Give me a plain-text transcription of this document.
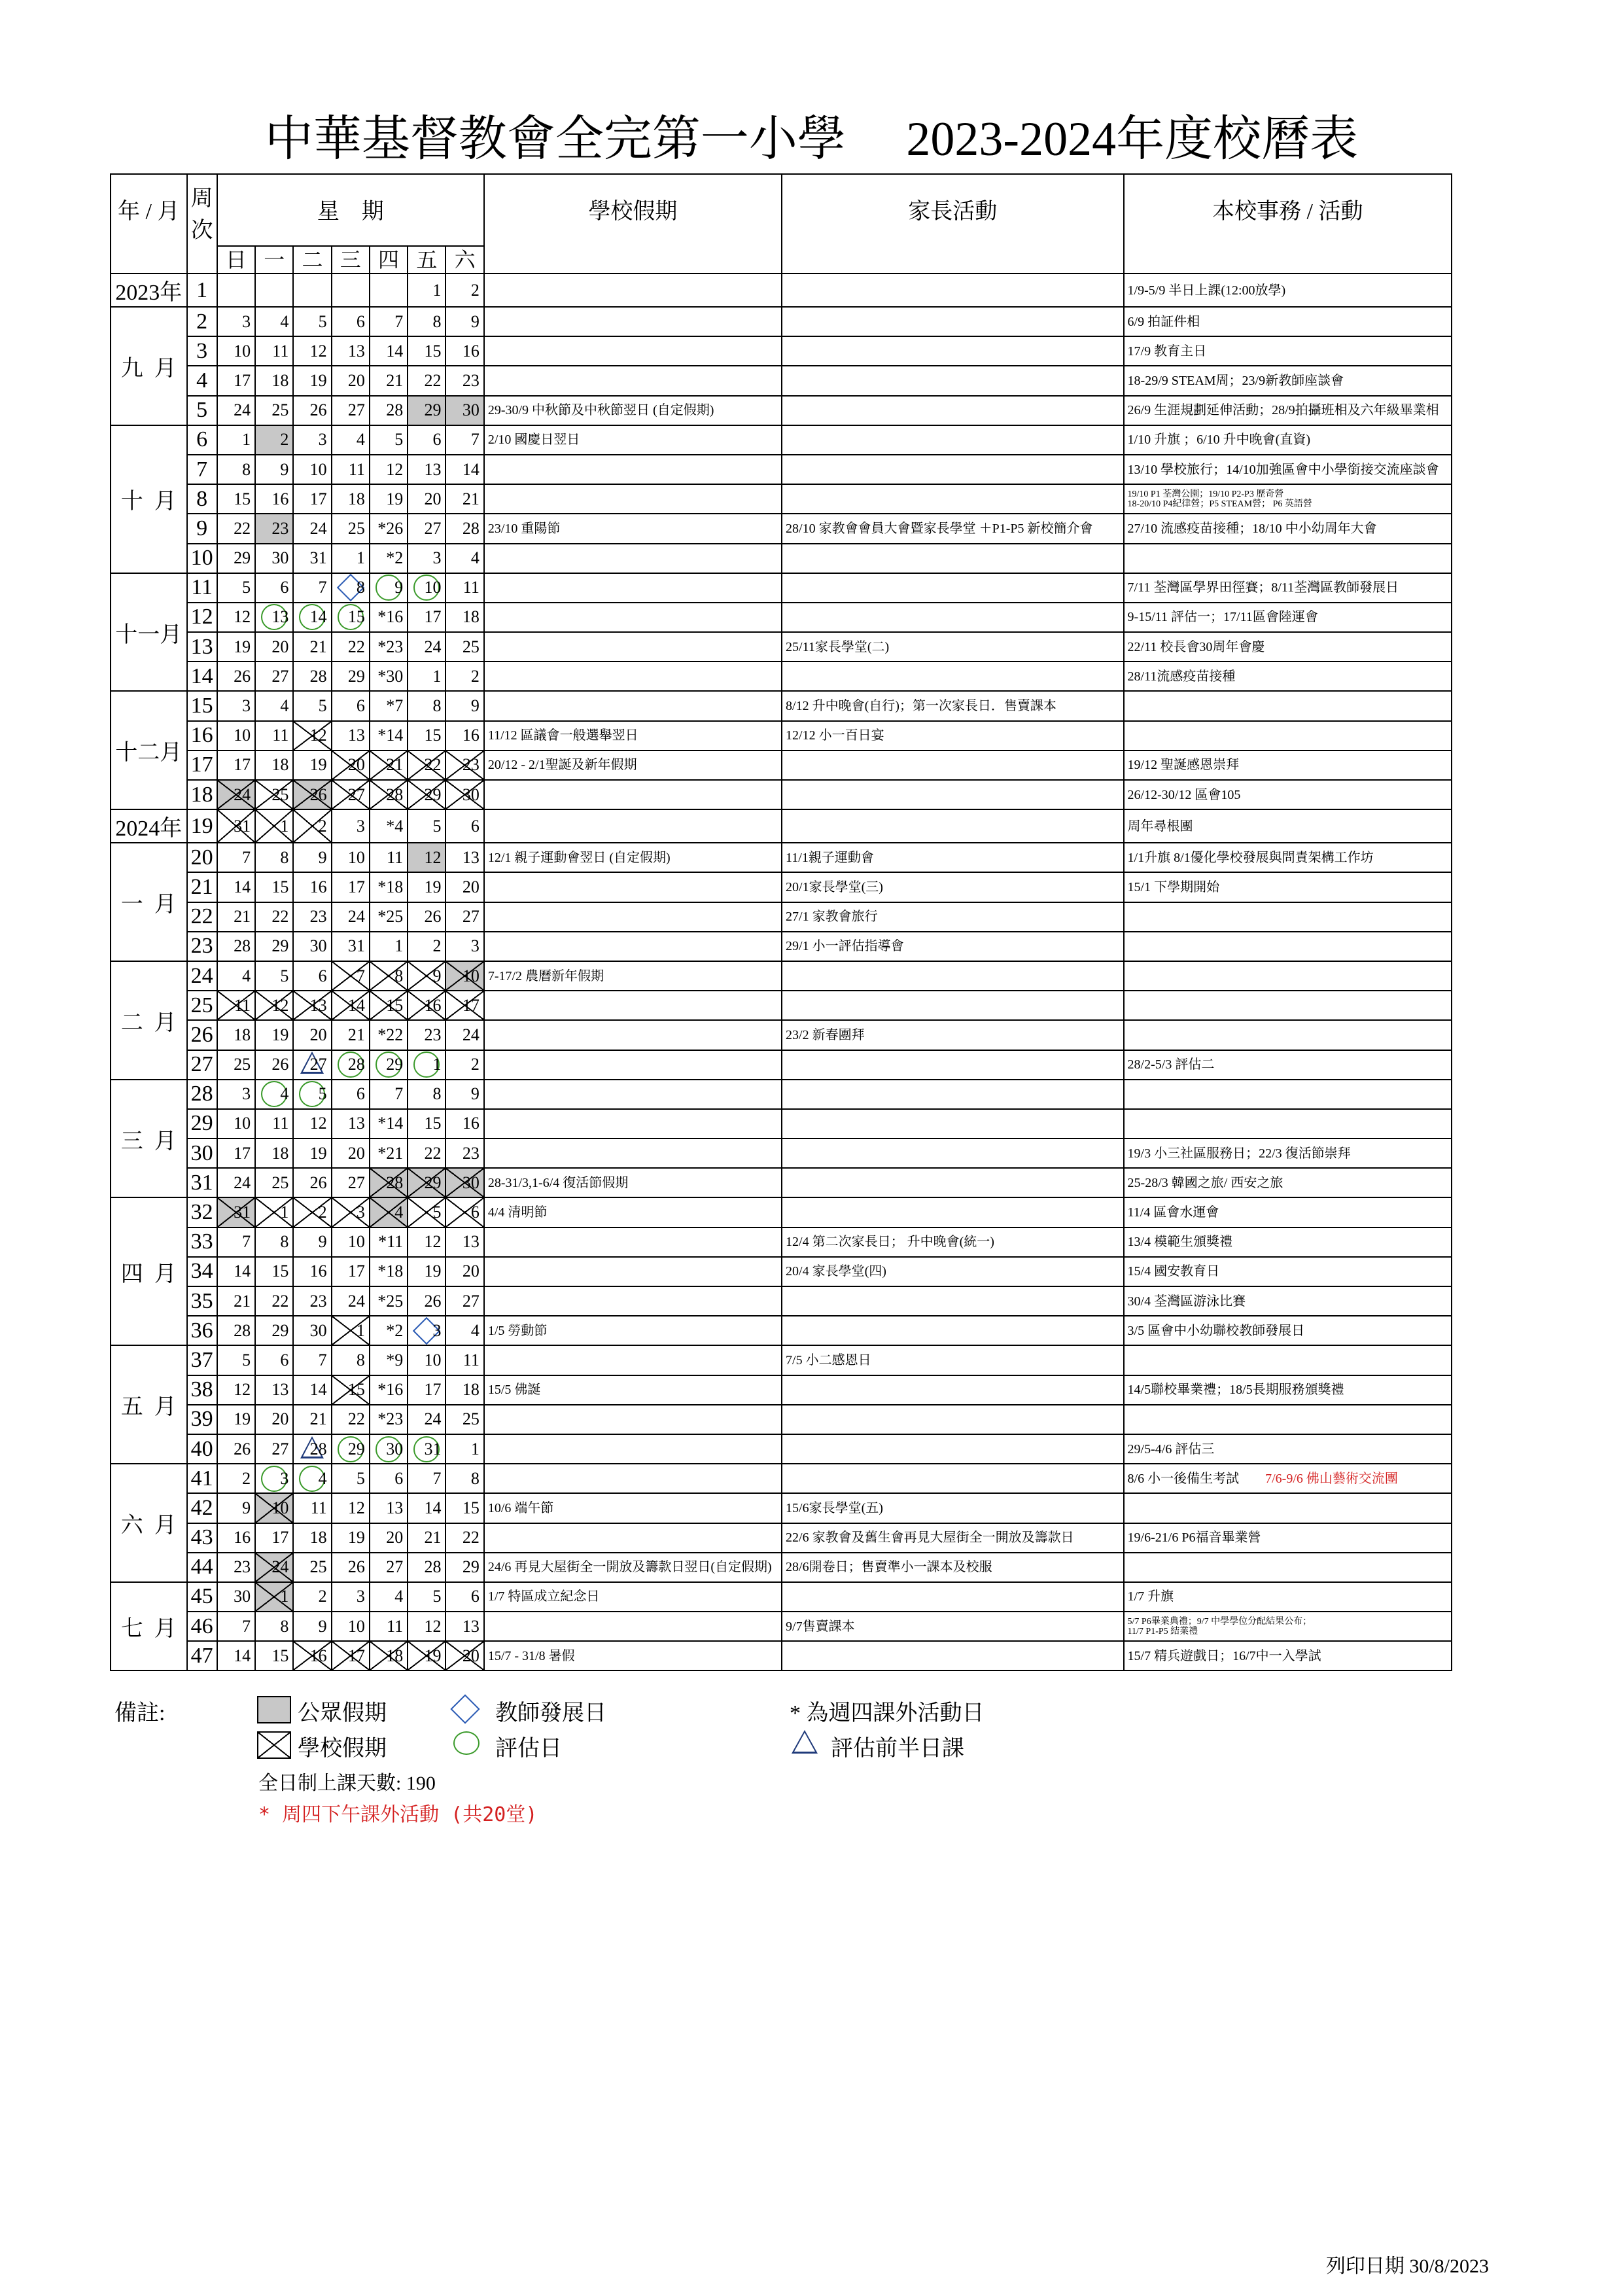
中華基督教會全完第一小學     2023-2024年度校曆表
年 / 月	周次	星　期							學校假期	家長活動	本校事務 / 活動
		日	一	二	三	四	五	六			
2023年	1						1	2			1/9-5/9 半日上課(12:00放學)
九  月	2	3	4	5	6	7	8	9			6/9 拍証件相
	3	10	11	12	13	14	15	16			17/9 教育主日
	4	17	18	19	20	21	22	23			18-29/9 STEAM周；23/9新教師座談會
	5	24	25	26	27	28	29	30	29-30/9 中秋節及中秋節翌日 (自定假期)		26/9 生涯規劃延伸活動；28/9拍攝班相及六年級畢業相
十  月	6	1	2	3	4	5	6	7	2/10 國慶日翌日		1/10 升旗 ；6/10 升中晚會(直資)
	7	8	9	10	11	12	13	14			13/10 學校旅行；14/10加強區會中小學銜接交流座談會
	8	15	16	17	18	19	20	21			19/10 P1 荃灣公園；19/10 P2-P3 歷奇營
18-20/10 P4紀律營；P5 STEAM營； P6 英語營
	9	22	23	24	25	*26	27	28	23/10 重陽節	28/10 家教會會員大會暨家長學堂 ＋P1-P5 新校簡介會	27/10 流感疫苗接種；18/10 中小幼周年大會
	10	29	30	31	1	*2	3	4			
十一月	11	5	6	7	8	9	10	11			7/11 荃灣區學界田徑賽；8/11荃灣區教師發展日
	12	12	13	14	15	*16	17	18			9-15/11 評估一；17/11區會陸運會
	13	19	20	21	22	*23	24	25		25/11家長學堂(二)	22/11 校長會30周年會慶
	14	26	27	28	29	*30	1	2			28/11流感疫苗接種
十二月	15	3	4	5	6	*7	8	9		8/12 升中晚會(自行)；第一次家長日．售賣課本	
	16	10	11	12	13	*14	15	16	11/12 區議會一般選舉翌日	12/12 小一百日宴	
	17	17	18	19	20	21	22	23	20/12 - 2/1聖誕及新年假期		19/12 聖誕感恩崇拜
	18	24	25	26	27	28	29	30			26/12-30/12 區會105
2024年	19	31	1	2	3	*4	5	6			周年尋根團
一  月	20	7	8	9	10	11	12	13	12/1 親子運動會翌日 (自定假期)	11/1親子運動會	1/1升旗 8/1優化學校發展與問責架構工作坊
	21	14	15	16	17	*18	19	20		20/1家長學堂(三)	15/1 下學期開始
	22	21	22	23	24	*25	26	27		27/1 家教會旅行	
	23	28	29	30	31	1	2	3		29/1 小一評估指導會	
二  月	24	4	5	6	7	8	9	10	7-17/2 農曆新年假期		
	25	11	12	13	14	15	16	17			
	26	18	19	20	21	*22	23	24		23/2 新春團拜	
	27	25	26	27	28	29	1	2			28/2-5/3 評估二
三  月	28	3	4	5	6	7	8	9			
	29	10	11	12	13	*14	15	16			
	30	17	18	19	20	*21	22	23			19/3 小三社區服務日；22/3 復活節崇拜
	31	24	25	26	27	28	29	30	28-31/3,1-6/4 復活節假期		25-28/3 韓國之旅/ 西安之旅
四  月	32	31	1	2	3	4	5	6	4/4 清明節		11/4 區會水運會
	33	7	8	9	10	*11	12	13		12/4 第二次家長日； 升中晚會(統一)	13/4 模範生頒獎禮
	34	14	15	16	17	*18	19	20		20/4 家長學堂(四)	15/4 國安教育日
	35	21	22	23	24	*25	26	27			30/4 荃灣區游泳比賽
	36	28	29	30	1	*2	3	4	1/5 勞動節		3/5 區會中小幼聯校教師發展日
五  月	37	5	6	7	8	*9	10	11		7/5 小二感恩日	
	38	12	13	14	15	*16	17	18	15/5 佛誕		14/5聯校畢業禮；18/5長期服務頒獎禮
	39	19	20	21	22	*23	24	25			
	40	26	27	28	29	30	31	1			29/5-4/6 評估三
六  月	41	2	3	4	5	6	7	8			8/6 小一後備生考試 7/6-9/6 佛山藝術交流團
	42	9	10	11	12	13	14	15	10/6 端午節	15/6家長學堂(五)	
	43	16	17	18	19	20	21	22		22/6 家教會及舊生會再見大屋街全一開放及籌款日	19/6-21/6 P6福音畢業營
	44	23	24	25	26	27	28	29	24/6 再見大屋街全一開放及籌款日翌日(自定假期)	28/6開卷日；售賣準小一課本及校服	
七  月	45	30	1	2	3	4	5	6	1/7 特區成立紀念日		1/7 升旗
	46	7	8	9	10	11	12	13		9/7售賣課本	5/7 P6畢業典禮；9/7 中學學位分配結果公布；
11/7 P1-P5 結業禮
	47	14	15	16	17	18	19	20	15/7 - 31/8 暑假		15/7 精兵遊戲日；16/7中一入學試
備註:	公眾假期
學校假期
教師發展日
評估日
* 為週四課外活動日
評估前半日課
全日制上課天數: 190
* 周四下午課外活動 (共20堂)
列印日期 30/8/2023
